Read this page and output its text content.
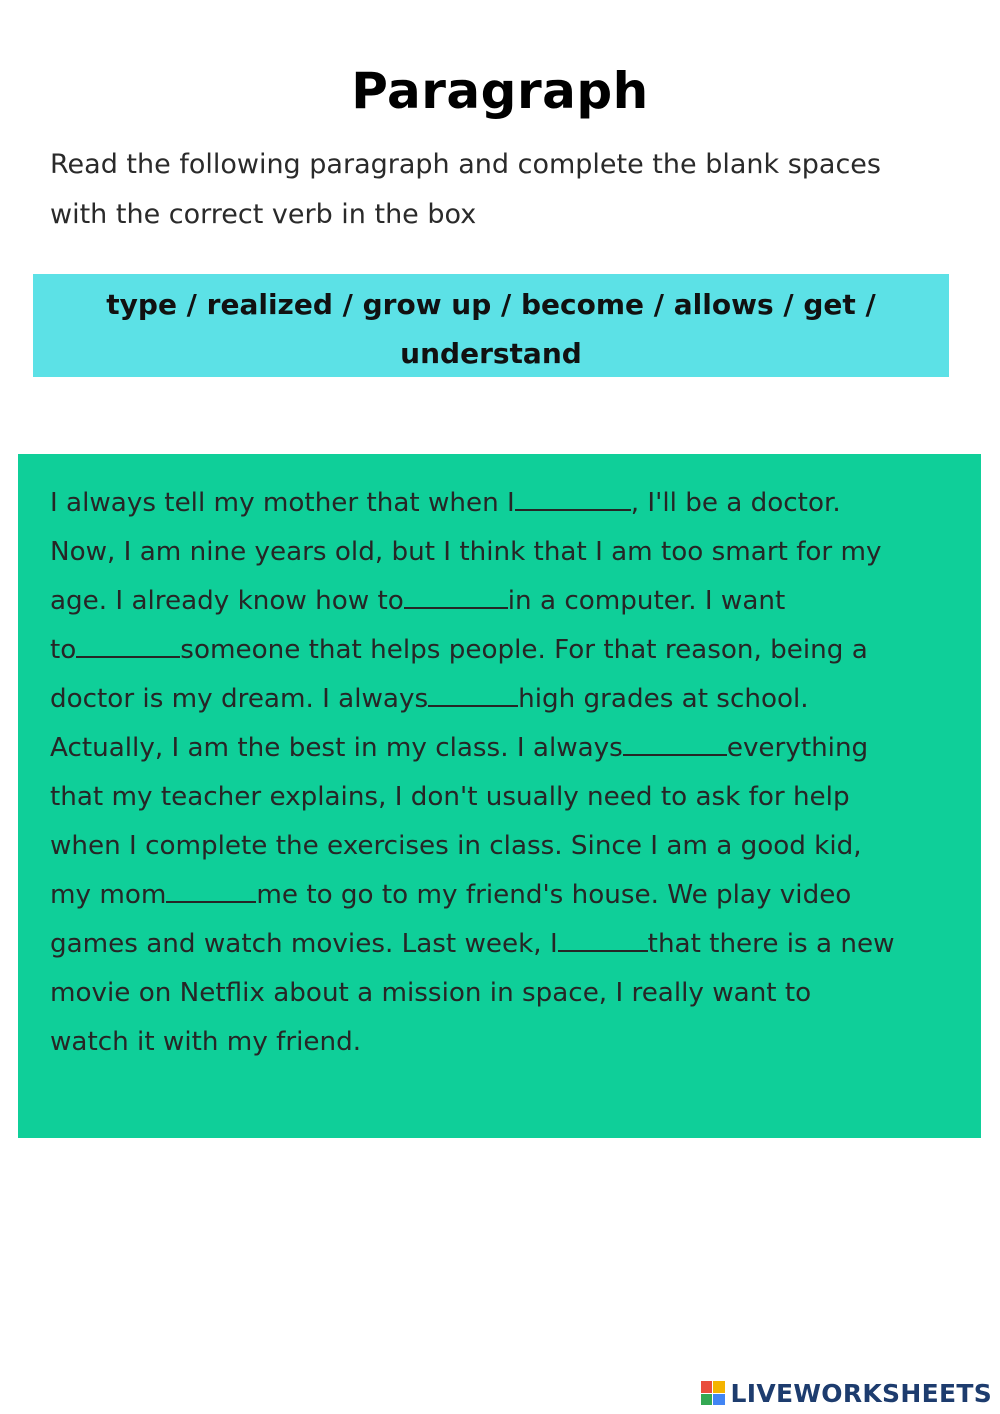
Paragraph
Read the following paragraph and complete the blank spaces
with the correct verb in the box
type / realized / grow up / become / allows / get /
understand
I always tell my mother that when I	, I'll be a doctor.
Now, I am nine years old, but I think that I am too smart for my
age. I already know how to	in a computer. I want
to	someone that helps people. For that reason, being a
doctor is my dream. I always	high grades at school.
Actually, I am the best in my class. I always	everything
that my teacher explains, I don't usually need to ask for help
when I complete the exercises in class. Since I am a good kid,
my mom	me to go to my friend's house. We play video
games and watch movies. Last week, I	that there is a new
movie on Netflix about a mission in space, I really want to
watch it with my friend.
LIVEWORKSHEETS
